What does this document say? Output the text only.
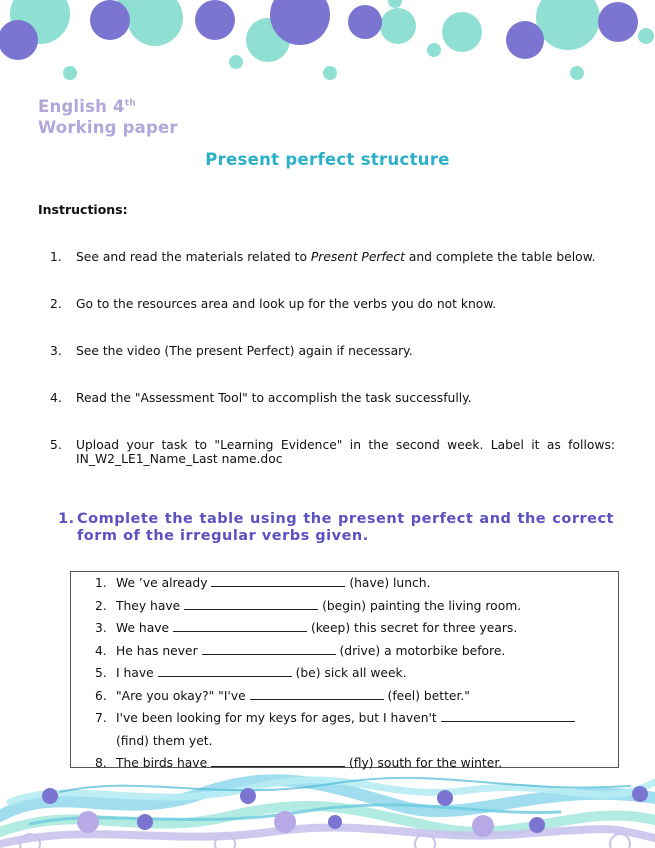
English 4th
Working paper
Present perfect structure
Instructions:
1. See and read the materials related to Present Perfect and complete the table below.
2. Go to the resources area and look up for the verbs you do not know.
3. See the video (The present Perfect) again if necessary.
4. Read the "Assessment Tool" to accomplish the task successfully.
5. Upload your task to "Learning Evidence" in the second week. Label it as follows: IN_W2_LE1_Name_Last name.doc
1. Complete the table using the present perfect and the correct form of the irregular verbs given.
1. We ’ve already	(have) lunch.
2. They have	(begin) painting the living room.
3. We have	(keep) this secret for three years.
4. He has never	(drive) a motorbike before.
5. I have	(be) sick all week.
6. "Are you okay?" "I've	(feel) better."
7. I've been looking for my keys for ages, but I haven't
(find) them yet.
8. The birds have	(fly) south for the winter.
